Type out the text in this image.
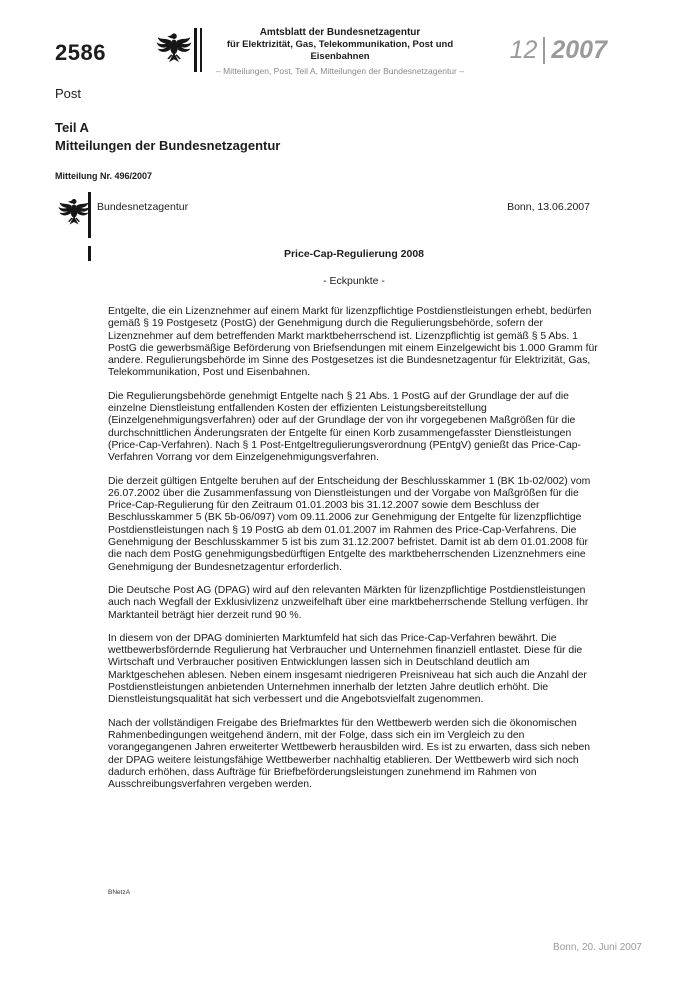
2586
Amtsblatt der Bundesnetzagentur
für Elektrizität, Gas, Telekommunikation, Post und Eisenbahnen
– Mitteilungen, Post, Teil A, Mitteilungen der Bundesnetzagentur –
12 2007
Post
Teil A
Mitteilungen der Bundesnetzagentur
Mitteilung Nr. 496/2007
Bundesnetzagentur	Bonn, 13.06.2007
Price-Cap-Regulierung 2008
- Eckpunkte -

Entgelte, die ein Lizenznehmer auf einem Markt für lizenzpflichtige Postdienstleistungen erhebt, bedürfen gemäß § 19 Postgesetz (PostG) der Genehmigung durch die Regulierungsbehörde, sofern der Lizenznehmer auf dem betreffenden Markt marktbeherrschend ist. Lizenzpflichtig ist gemäß § 5 Abs. 1 PostG die gewerbsmäßige Beförderung von Briefsendungen mit einem Einzelgewicht bis 1.000 Gramm für andere. Regulierungsbehörde im Sinne des Postgesetzes ist die Bundesnetzagentur für Elektrizität, Gas, Telekommunikation, Post und Eisenbahnen.

Die Regulierungsbehörde genehmigt Entgelte nach § 21 Abs. 1 PostG auf der Grundlage der auf die einzelne Dienstleistung entfallenden Kosten der effizienten Leistungsbereitstellung (Einzelgenehmigungsverfahren) oder auf der Grundlage der von ihr vorgegebenen Maßgrößen für die durchschnittlichen Änderungsraten der Entgelte für einen Korb zusammengefasster Dienstleistungen (Price-Cap-Verfahren). Nach § 1 Post-Entgeltregulierungsverordnung (PEntgV) genießt das Price-Cap-Verfahren Vorrang vor dem Einzelgenehmigungsverfahren.

Die derzeit gültigen Entgelte beruhen auf der Entscheidung der Beschlusskammer 1 (BK 1b-02/002) vom 26.07.2002 über die Zusammenfassung von Dienstleistungen und der Vorgabe von Maßgrößen für die Price-Cap-Regulierung für den Zeitraum 01.01.2003 bis 31.12.2007 sowie dem Beschluss der Beschlusskammer 5 (BK 5b-06/097) vom 09.11.2006 zur Genehmigung der Entgelte für lizenzpflichtige Postdienstleistungen nach § 19 PostG ab dem 01.01.2007 im Rahmen des Price-Cap-Verfahrens. Die Genehmigung der Beschlusskammer 5 ist bis zum 31.12.2007 befristet. Damit ist ab dem 01.01.2008 für die nach dem PostG genehmigungsbedürftigen Entgelte des marktbeherrschenden Lizenznehmers eine Genehmigung der Bundesnetzagentur erforderlich.

Die Deutsche Post AG (DPAG) wird auf den relevanten Märkten für lizenzpflichtige Postdienstleistungen auch nach Wegfall der Exklusivlizenz unzweifelhaft über eine marktbeherrschende Stellung verfügen. Ihr Marktanteil beträgt hier derzeit rund 90 %.

In diesem von der DPAG dominierten Marktumfeld hat sich das Price-Cap-Verfahren bewährt. Die wettbewerbsfördernde Regulierung hat Verbraucher und Unternehmen finanziell entlastet. Diese für die Wirtschaft und Verbraucher positiven Entwicklungen lassen sich in Deutschland deutlich am Marktgeschehen ablesen. Neben einem insgesamt niedrigeren Preisniveau hat sich auch die Anzahl der Postdienstleistungen anbietenden Unternehmen innerhalb der letzten Jahre deutlich erhöht. Die Dienstleistungsqualität hat sich verbessert und die Angebotsvielfalt zugenommen.

Nach der vollständigen Freigabe des Briefmarktes für den Wettbewerb werden sich die ökonomischen Rahmenbedingungen weitgehend ändern, mit der Folge, dass sich ein im Vergleich zu den vorangegangenen Jahren erweiterter Wettbewerb herausbilden wird. Es ist zu erwarten, dass sich neben der DPAG weitere leistungsfähige Wettbewerber nachhaltig etablieren. Der Wettbewerb wird sich noch dadurch erhöhen, dass Aufträge für Briefbeförderungsleistungen zunehmend im Rahmen von Ausschreibungsverfahren vergeben werden.

BNetzA
Bonn, 20. Juni 2007
